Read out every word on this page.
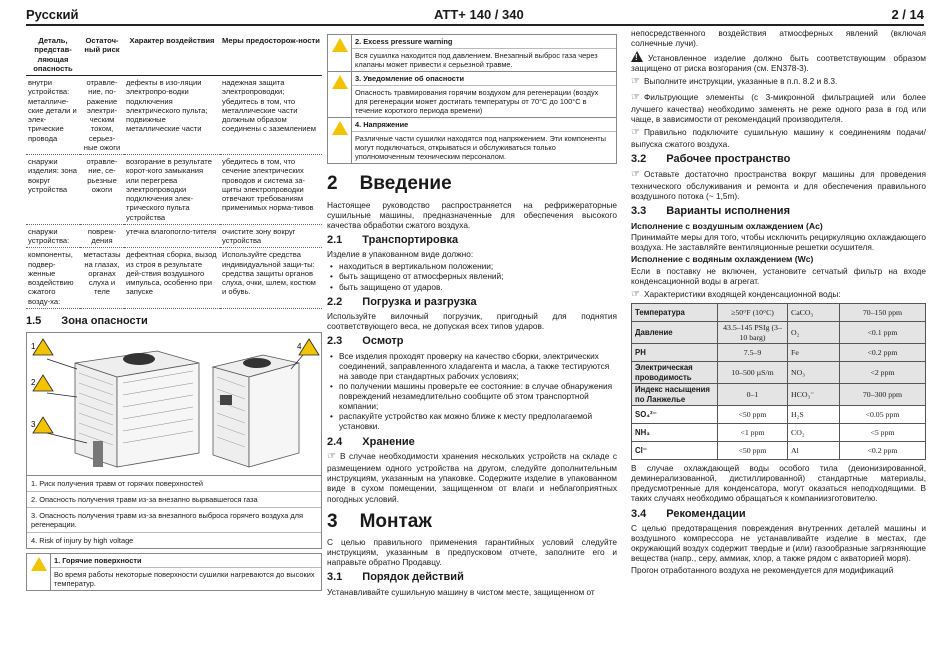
Русский	ATT+ 140 / 340	2 / 14
Деталь, представ-ляющая опасность	Остаточ-ный риск	Характер воздействия	Меры предосторож-ности
внутри устройства: металличе-ские детали и элек-трические провода	отравле-ние, по-ражение электри-ческим током, серьез-ные ожоги	дефекты в изо-ляции электропро-водки подключения электрического пульта; подвижные металлические части	надежная защита электропроводки; убедитесь в том, что металлические части должным образом соединены с заземлением
снаружи изделия: зона вокруг устройства	отравле-ние, се-рьезные ожоги	возгорание в результате корот-кого замыкания или перегрева электропроводки подключения элек-трического пульта устройства	убедитесь в том, что сечение электрических проводов и система за-щиты электропроводки отвечают требованиям применимых норма-тивов
снаружи устройства:	повреж-дения	утечка влагопогло-тителя	очистите зону вокруг устройства
компоненты, подвер-женные воздействию сжатого возду-ха:	метастазы на глазах, органах слуха и теле	дефектная сборка, вызод из строя в результате дей-ствия воздушного импульса, особенно при запуске	Используйте средства индивидуальной защи-ты: средства защиты органов слуха, очки, шлем, костюм и обувь.
1.5 Зона опасности
1
2
3
4
1. Риск получения травм от горячих поверхностей
2. Опасность получения травм из-за внезапно вырвавшегося газа
3. Опасность получения травм из-за внезапного выброса горячего воздуха для регенерации.
4. Risk of injury by high voltage
1. Горячие поверхности
Во время работы некоторые поверхности сушилки нагреваются до высоких температур.
2. Excess pressure warning
Вся сушилка находится под давлением. Внезапный выброс газа через клапаны может привести к серьезной травме.
3. Уведомление об опасности
Опасность травмирования горячим воздухом для регенерации (воздух для регенерации может достигать температуры от 70°C до 100°C в течение короткого периода времени)
4. Напряжение
Различные части сушилки находятся под напряжением. Эти компоненты могут подключаться, открываться и обслуживаться только уполномоченным техническим персоналом.
2 Введение

Настоящее руководство распространяется на рефрижераторные сушильные машины, предназначенные для обеспечения высокого качества обработки сжатого воздуха.

2.1 Транспортировка

Изделие в упакованном виде должно:

• находиться в вертикальном положении;
• быть защищено от атмосферных явлений;
• быть защищено от ударов.
2.2 Погрузка и разгрузка

Используйте вилочный погрузчик, пригодный для поднятия соответствующего веса, не допуская всех типов ударов.

2.3 Осмотр
• Все изделия проходят проверку на качество сборки, электрических соединений, заправленного хладагента и масла, а также тестируются на заводе при стандартных рабочих условиях;
• по получении машины проверьте ее состояние: в случае обнаружения повреждений незамедлительно сообщите об этом транспортной компании;
• распакуйте устройство как можно ближе к месту предполагаемой установки.
2.4 Хранение

☞ В случае необходимости хранения нескольких устройств на складе с размещением одного устройства на другом, следуйте дополнительным инструкциям, указанным на упаковке. Содержите изделие в упакованном виде в сухом помещении, защищенном от влаги и неблагоприятных погодных условий.

3 Монтаж

С целью правильного применения гарантийных условий следуйте инструкциям, указанным в предпусковом отчете, заполните его и направьте обратно Продавцу.

3.1 Порядок действий

Устанавливайте сушильную машину в чистом месте, защищенном от

непосредственного воздействия атмосферных явлений (включая солнечные лучи).

!Установленное изделие должно быть соответствующим образом защищено от риска возгорания (см. EN378-3).

☞ Выполните инструкции, указанные в п.п. 8.2 и 8.3.

☞ Фильтрующие элементы (с 3-микронной фильтрацией или более лучшего качества) необходимо заменять не реже одного раза в год или чаще, в зависимости от рекомендаций производителя.

☞ Правильно подключите сушильную машину к соединениям подачи/выпуска сжатого воздуха.

3.2 Рабочее пространство

☞ Оставьте достаточно пространства вокруг машины для проведения технического обслуживания и ремонта и для обеспечения правильного воздушного потока (~ 1,5m).

3.3 Варианты исполнения
Исполнение с воздушным охлаждением (Ac)

Принимайте меры для того, чтобы исключить рециркуляцию охлаждающего воздуха. Не заставляйте вентиляционные решетки осушителя.

Исполнение с водяным охлаждением (Wc)

Если в поставку не включен, установите сетчатый фильтр на входе конденсационной воды в агрегат.

☞ Характеристики входящей конденсационной воды:

Температура	≥50°F (10°C)	CaCO₃	70–150 ppm
Давление	43.5–145 PSIg (3–10 barg)	O₂	<0.1 ppm
PH	7.5–9	Fe	<0.2 ppm
Электрическая проводимость	10–500 µS/m	NO₃	<2 ppm
Индекс насыщения по Ланжелье	0–1	HCO₃⁻	70–300 ppm
SO₄²⁻	<50 ppm	H₂S	<0.05 ppm
NH₃	<1 ppm	CO₂	<5 ppm
Cl⁻	<50 ppm	Al	<0.2 ppm

В случае охлаждающей воды особого тила (деионизированной, деминерализованной, дистиллированной) стандартные материалы, предусмотренные для конденсатора, могут оказаться неподходящими. В таких случаях необходимо обращаться к компаниизготовителю.

3.4 Рекомендации

С целью предотвращения повреждения внутренних деталей машины и воздушного компрессора не устанавливайте изделие в местах, где окружающий воздух содержит твердые и (или) газообразные загрязняющие вещества (напр., серу, аммиак, хлор, а также рядом с акваторией моря).

Прогон отработанного воздуха не рекомендуется для модификаций
